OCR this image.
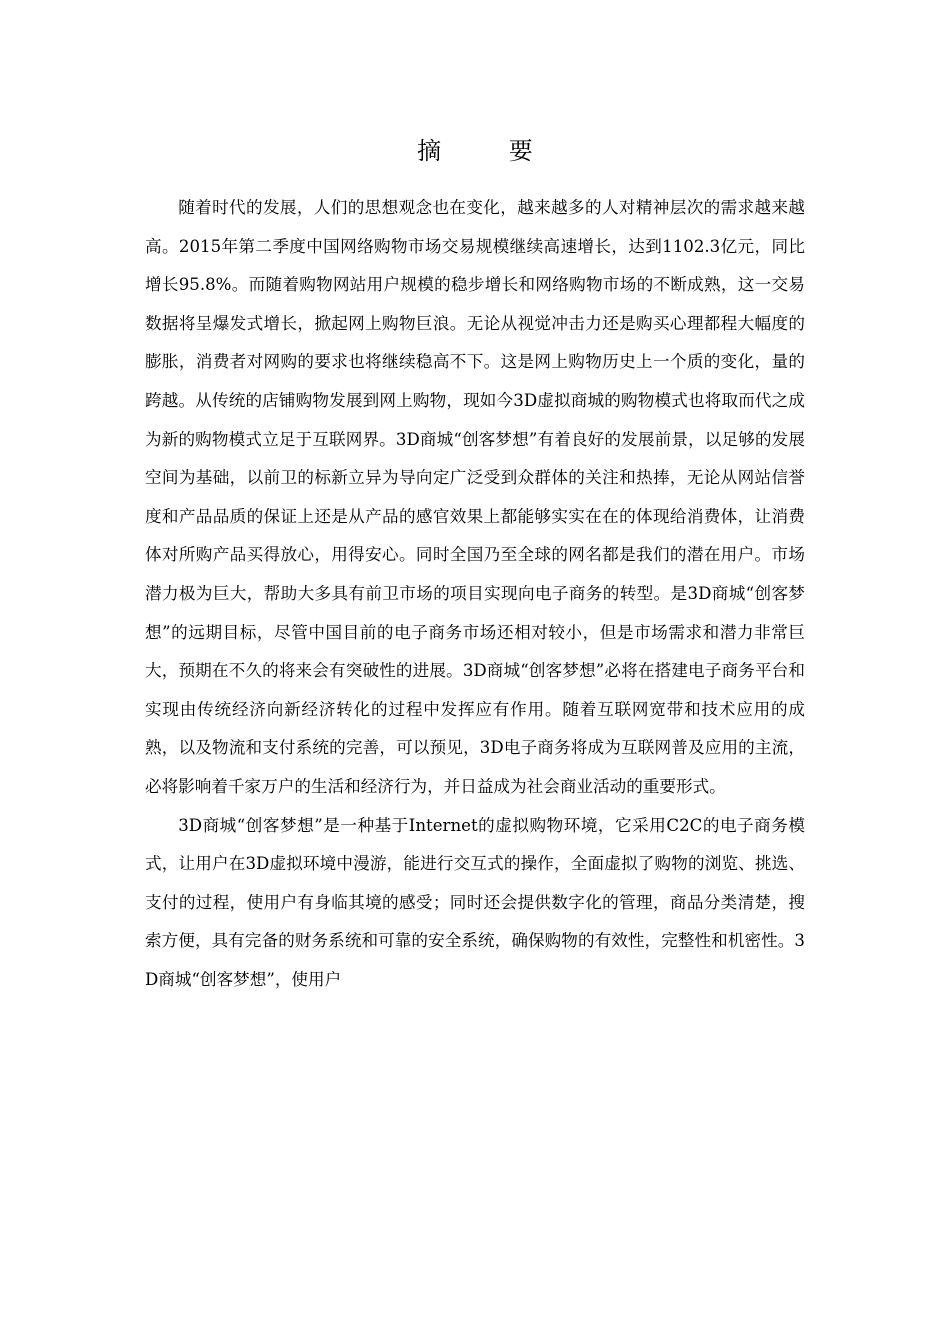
摘 要

随着时代的发展，人们的思想观念也在变化，越来越多的人对精神层次的需求越来越高。2015年第二季度中国网络购物市场交易规模继续高速增长，达到1102.3亿元，同比增长95.8%。而随着购物网站用户规模的稳步增长和网络购物市场的不断成熟，这一交易数据将呈爆发式增长，掀起网上购物巨浪。无论从视觉冲击力还是购买心理都程大幅度的膨胀，消费者对网购的要求也将继续稳高不下。这是网上购物历史上一个质的变化，量的跨越。从传统的店铺购物发展到网上购物，现如今3D虚拟商城的购物模式也将取而代之成为新的购物模式立足于互联网界。3D商城“创客梦想”有着良好的发展前景，以足够的发展空间为基础，以前卫的标新立异为导向定广泛受到众群体的关注和热捧，无论从网站信誉度和产品品质的保证上还是从产品的感官效果上都能够实实在在的体现给消费体，让消费体对所购产品买得放心，用得安心。同时全国乃至全球的网名都是我们的潜在用户。市场潜力极为巨大，帮助大多具有前卫市场的项目实现向电子商务的转型。是3D商城“创客梦想”的远期目标，尽管中国目前的电子商务市场还相对较小，但是市场需求和潜力非常巨大，预期在不久的将来会有突破性的进展。3D商城“创客梦想”必将在搭建电子商务平台和实现由传统经济向新经济转化的过程中发挥应有作用。随着互联网宽带和技术应用的成熟，以及物流和支付系统的完善，可以预见，3D电子商务将成为互联网普及应用的主流，必将影响着千家万户的生活和经济行为，并日益成为社会商业活动的重要形式。

3D商城“创客梦想”是一种基于Internet的虚拟购物环境，它采用C2C的电子商务模式，让用户在3D虚拟环境中漫游，能进行交互式的操作，全面虚拟了购物的浏览、挑选、支付的过程，使用户有身临其境的感受；同时还会提供数字化的管理，商品分类清楚，搜索方便，具有完备的财务系统和可靠的安全系统，确保购物的有效性，完整性和机密性。3D商城“创客梦想”，使用户
